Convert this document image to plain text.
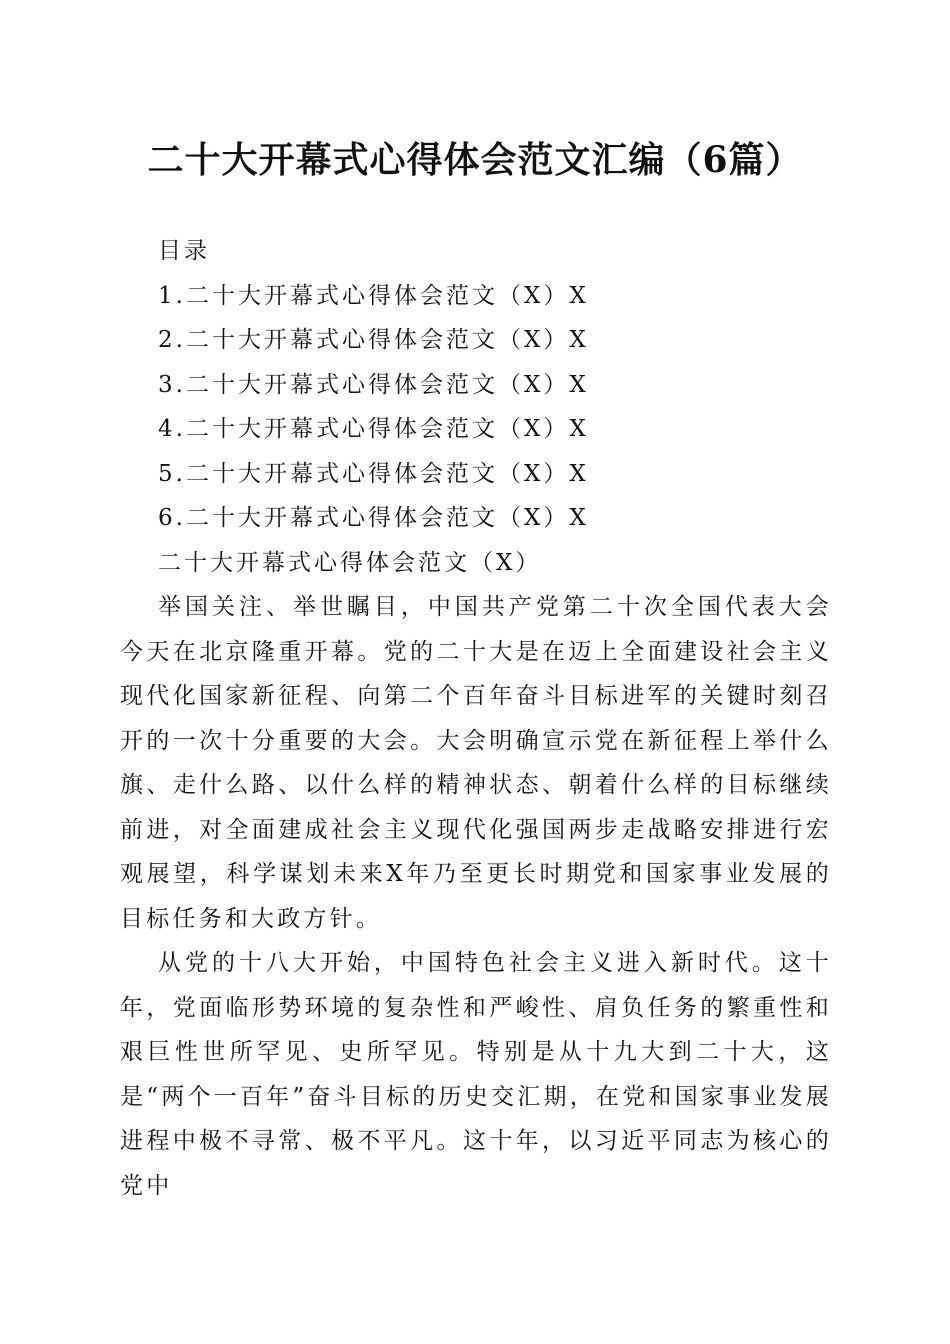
二十大开幕式心得体会范文汇编（6篇）
目录
1.二十大开幕式心得体会范文（X）X
2.二十大开幕式心得体会范文（X）X
3.二十大开幕式心得体会范文（X）X
4.二十大开幕式心得体会范文（X）X
5.二十大开幕式心得体会范文（X）X
6.二十大开幕式心得体会范文（X）X
二十大开幕式心得体会范文（X）

举国关注、举世瞩目，中国共产党第二十次全国代表大会今天在北京隆重开幕。党的二十大是在迈上全面建设社会主义现代化国家新征程、向第二个百年奋斗目标进军的关键时刻召开的一次十分重要的大会。大会明确宣示党在新征程上举什么旗、走什么路、以什么样的精神状态、朝着什么样的目标继续前进，对全面建成社会主义现代化强国两步走战略安排进行宏观展望，科学谋划未来X年乃至更长时期党和国家事业发展的目标任务和大政方针。

从党的十八大开始，中国特色社会主义进入新时代。这十年，党面临形势环境的复杂性和严峻性、肩负任务的繁重性和艰巨性世所罕见、史所罕见。特别是从十九大到二十大，这是“两个一百年”奋斗目标的历史交汇期，在党和国家事业发展进程中极不寻常、极不平凡。这十年，以习近平同志为核心的党中
